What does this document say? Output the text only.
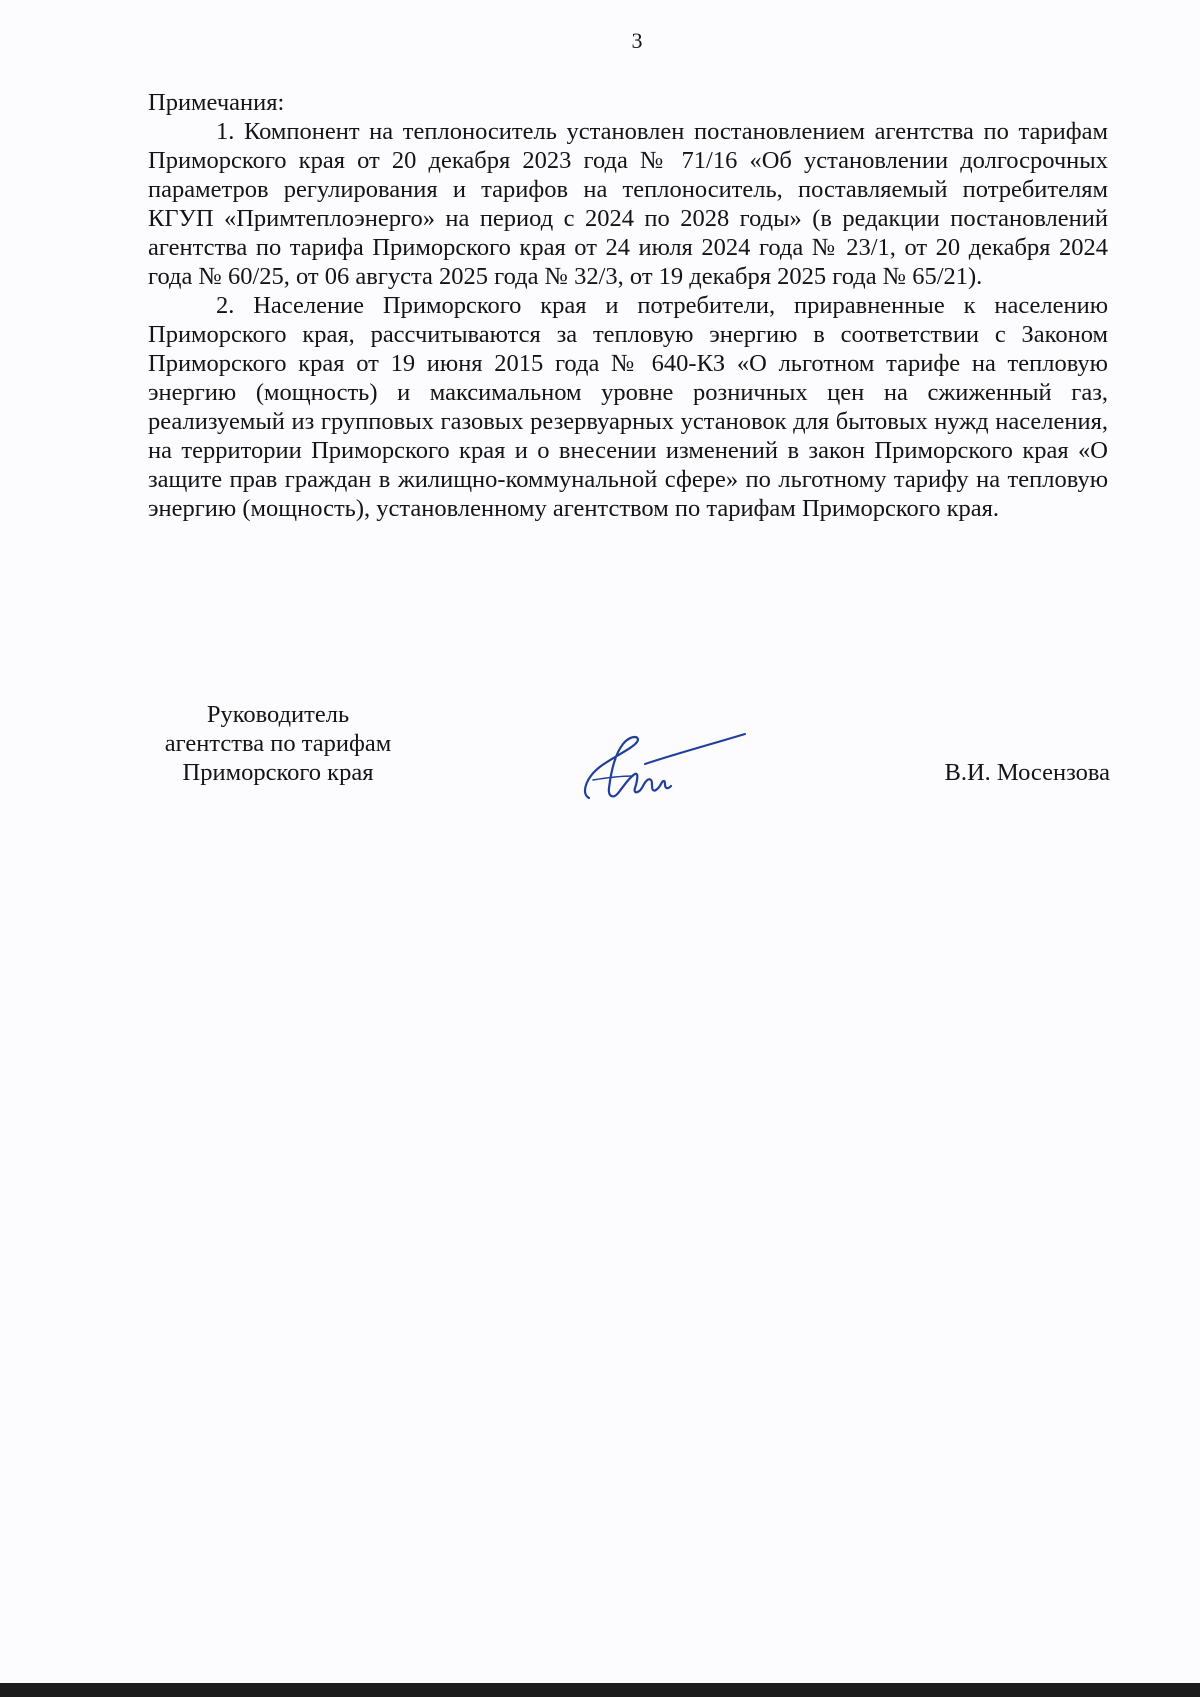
3

Примечания:

1. Компонент на теплоноситель установлен постановлением агентства по тарифам Приморского края от 20 декабря 2023 года № 71/16 «Об установлении долгосрочных параметров регулирования и тарифов на теплоноситель, поставляемый потребителям КГУП «Примтеплоэнерго» на период с 2024 по 2028 годы» (в редакции постановлений агентства по тарифа Приморского края от 24 июля 2024 года № 23/1, от 20 декабря 2024 года № 60/25, от 06 августа 2025 года № 32/3, от 19 декабря 2025 года № 65/21).

2. Население Приморского края и потребители, приравненные к населению Приморского края, рассчитываются за тепловую энергию в соответствии с Законом Приморского края от 19 июня 2015 года № 640-КЗ «О льготном тарифе на тепловую энергию (мощность) и максимальном уровне розничных цен на сжиженный газ, реализуемый из групповых газовых резервуарных установок для бытовых нужд населения, на территории Приморского края и о внесении изменений в закон Приморского края «О защите прав граждан в жилищно-коммунальной сфере» по льготному тарифу на тепловую энергию (мощность), установленному агентством по тарифам Приморского края.

Руководитель
агентства по тарифам
Приморского края	В.И. Мосензова
